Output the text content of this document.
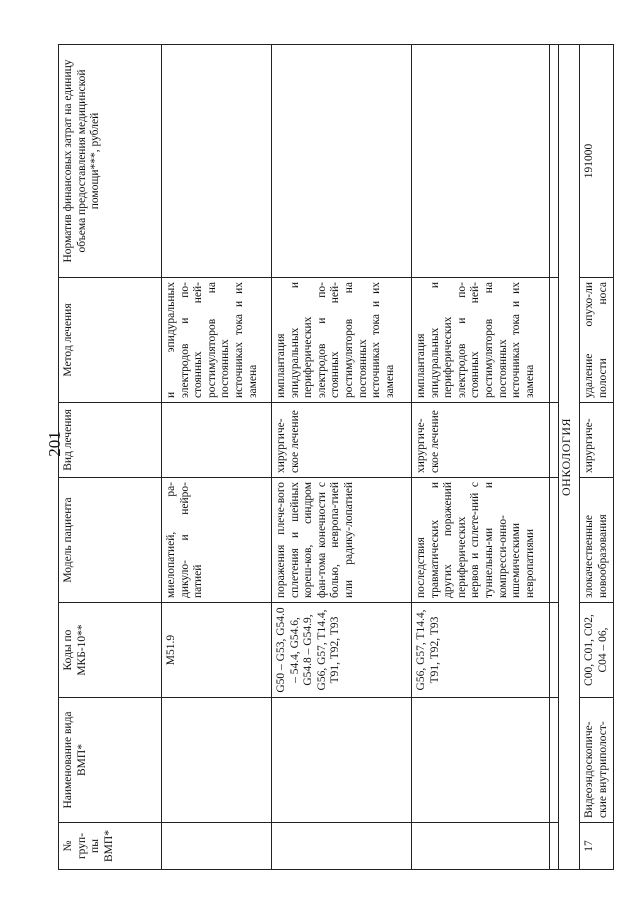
201
№ груп-пы ВМП*	Наименование вида ВМП*	Коды по МКБ-10**	Модель пациента	Вид лечения	Метод лечения	Норматив финансовых затрат на единицу объема предоставления медицинской помощи***, рублей
		M51.9	миелопатией, ра-дикуло- и нейро-патией		и эпидуральных электродов и по-стоянных ней-ростимуляторов на постоянных источниках тока и их замена	
		G50 – G53, G54.0 – 54.4, G54.6, G54.8 – G54.9, G56, G57, T14.4, T91, T92, T93	поражения плече-вого сплетения и шейных кореш-ков, синдром фан-тома конечности с болью, невропа-тией или радику-лопатией	хирургиче-ское лечение	имплантация эпидуральных и периферических электродов и по-стоянных ней-ростимуляторов на постоянных источниках тока и их замена	
		G56, G57, T14.4, T91, T92, T93	последствия травматических и других поражений периферических нервов и сплете-ний с туннельны-ми и компресси-онно-ишемическими невропатиями	хирургиче-ское лечение	имплантация эпидуральных и периферических электродов и по-стоянных ней-ростимуляторов на постоянных источниках тока и их замена	

ОНКОЛОГИЯ						
17	Видеоэндоскопиче-ские внутриполост-	C00, C01, C02, C04 – 06,	злокачественные новообразования	хирургиче-	удаление опухо-ли полости носа	191000
